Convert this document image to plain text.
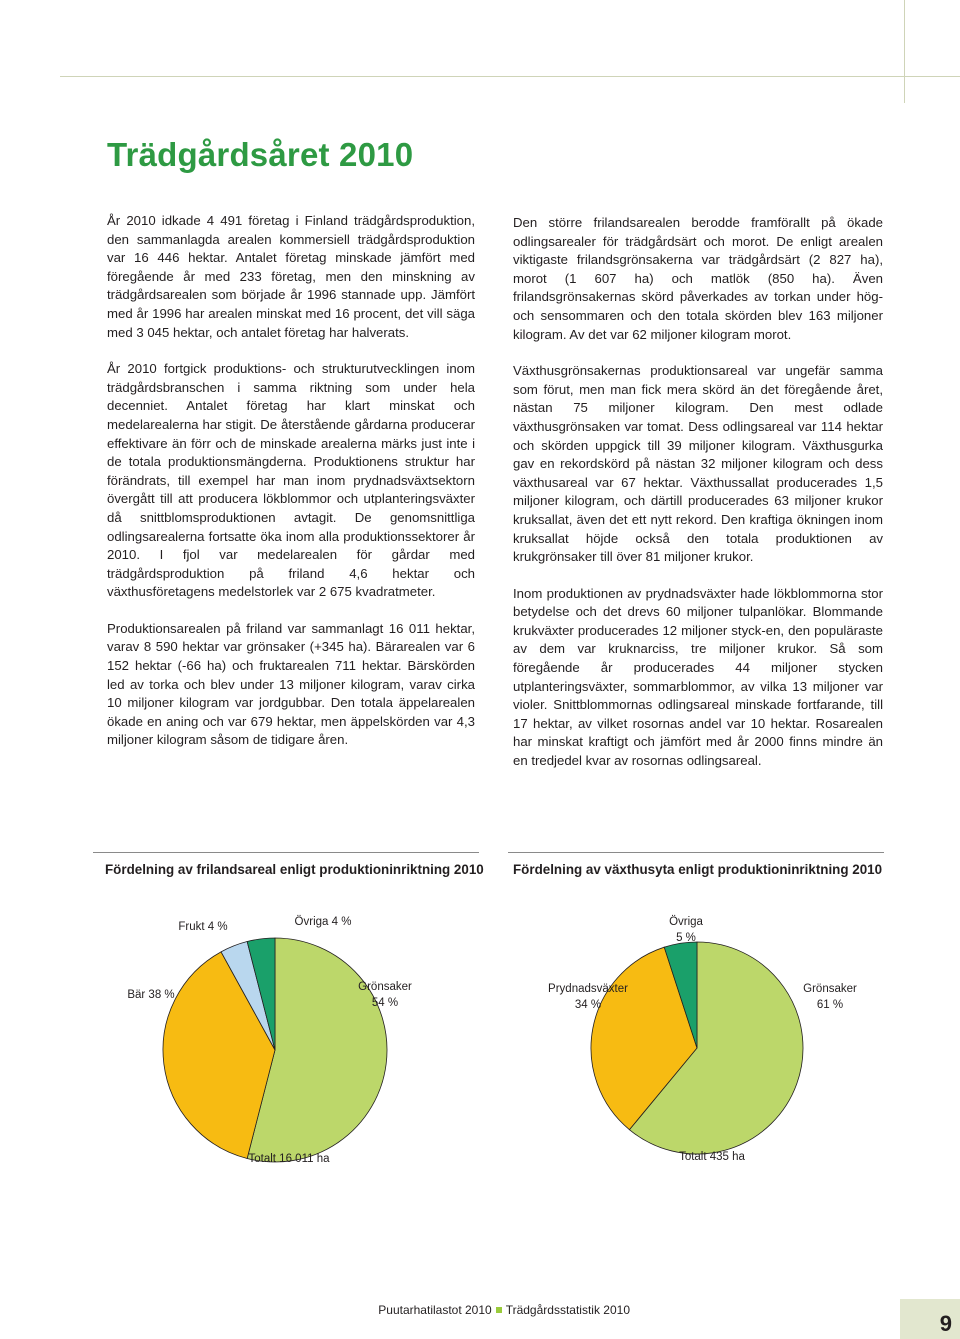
Trädgårdsåret 2010

År 2010 idkade 4 491 företag i Finland trädgårdsproduktion, den sammanlagda arealen kommersiell trädgårdsproduktion var 16 446 hektar. Antalet företag minskade jämfört med föregående år med 233 företag, men den minskning av trädgårdsarealen som började år 1996 stannade upp. Jämfört med år 1996 har arealen minskat med 16 procent, det vill säga med 3 045 hektar, och antalet företag har halverats.

År 2010 fortgick produktions- och strukturutvecklingen inom trädgårdsbranschen i samma riktning som under hela decenniet. Antalet företag har klart minskat och medelarealerna har stigit. De återstående gårdarna producerar effektivare än förr och de minskade arealerna märks just inte i de totala produktionsmängderna. Produktionens struktur har förändrats, till exempel har man inom prydnadsväxtsektorn övergått till att producera lökblommor och utplanteringsväxter då snittblomsproduktionen avtagit. De genomsnittliga odlingsarealerna fortsatte öka inom alla produktionssektorer år 2010. I fjol var medelarealen för gårdar med trädgårdsproduktion på friland 4,6 hektar och växthusföretagens medelstorlek var 2 675 kvadratmeter.

Produktionsarealen på friland var sammanlagt 16 011 hektar, varav 8 590 hektar var grönsaker (+345 ha). Bärarealen var 6 152 hektar (-66 ha) och fruktarealen 711 hektar. Bärskörden led av torka och blev under 13 miljoner kilogram, varav cirka 10 miljoner kilogram var jordgubbar. Den totala äppelarealen ökade en aning och var 679 hektar, men äppelskörden var 4,3 miljoner kilogram såsom de tidigare åren.

Den större frilandsarealen berodde framförallt på ökade odlingsarealer för trädgårdsärt och morot. De enligt arealen viktigaste frilandsgrönsakerna var trädgårdsärt (2 827 ha), morot (1 607 ha) och matlök (850 ha). Även frilandsgrönsakernas skörd påverkades av torkan under hög- och sensommaren och den totala skörden blev 163 miljoner kilogram. Av det var 62 miljoner kilogram morot.

Växthusgrönsakernas produktionsareal var ungefär samma som förut, men man fick mera skörd än det föregående året, nästan 75 miljoner kilogram. Den mest odlade växthusgrönsaken var tomat. Dess odlingsareal var 114 hektar och skörden uppgick till 39 miljoner kilogram. Växthusgurka gav en rekordskörd på nästan 32 miljoner kilogram och dess växthusareal var 67 hektar. Växthussallat producerades 1,5 miljoner kilogram, och därtill producerades 63 miljoner krukor kruksallat, även det ett nytt rekord. Den kraftiga ökningen inom kruksallat höjde också den totala produktionen av krukgrönsaker till över 81 miljoner krukor.

Inom produktionen av prydnadsväxter hade lökblommorna stor betydelse och det drevs 60 miljoner tulpanlökar. Blommande krukväxter producerades 12 miljoner styck-en, den populäraste av dem var kruknarciss, tre miljoner krukor. Så som föregående år producerades 44 miljoner stycken utplanteringsväxter, sommarblommor, av vilka 13 miljoner var violer. Snittblommornas odlingsareal minskade fortfarande, till 17 hektar, av vilket rosornas andel var 10 hektar. Rosarealen har minskat kraftigt och jämfört med år 2000 finns mindre än en tredjedel kvar av rosornas odlingsareal.

Fördelning av frilandsareal enligt produktioninriktning 2010
Grönsaker
54 %
Bär 38 %
Frukt 4 %	Övriga 4 %
Totalt 16 011 ha
Fördelning av växthusyta enligt produktioninriktning 2010
Grönsaker
61 %
Prydnadsväxter
34 %
Övriga
5 %
Totalt 435 ha
Puutarhatilastot 2010 Trädgårdsstatistik 2010
9
